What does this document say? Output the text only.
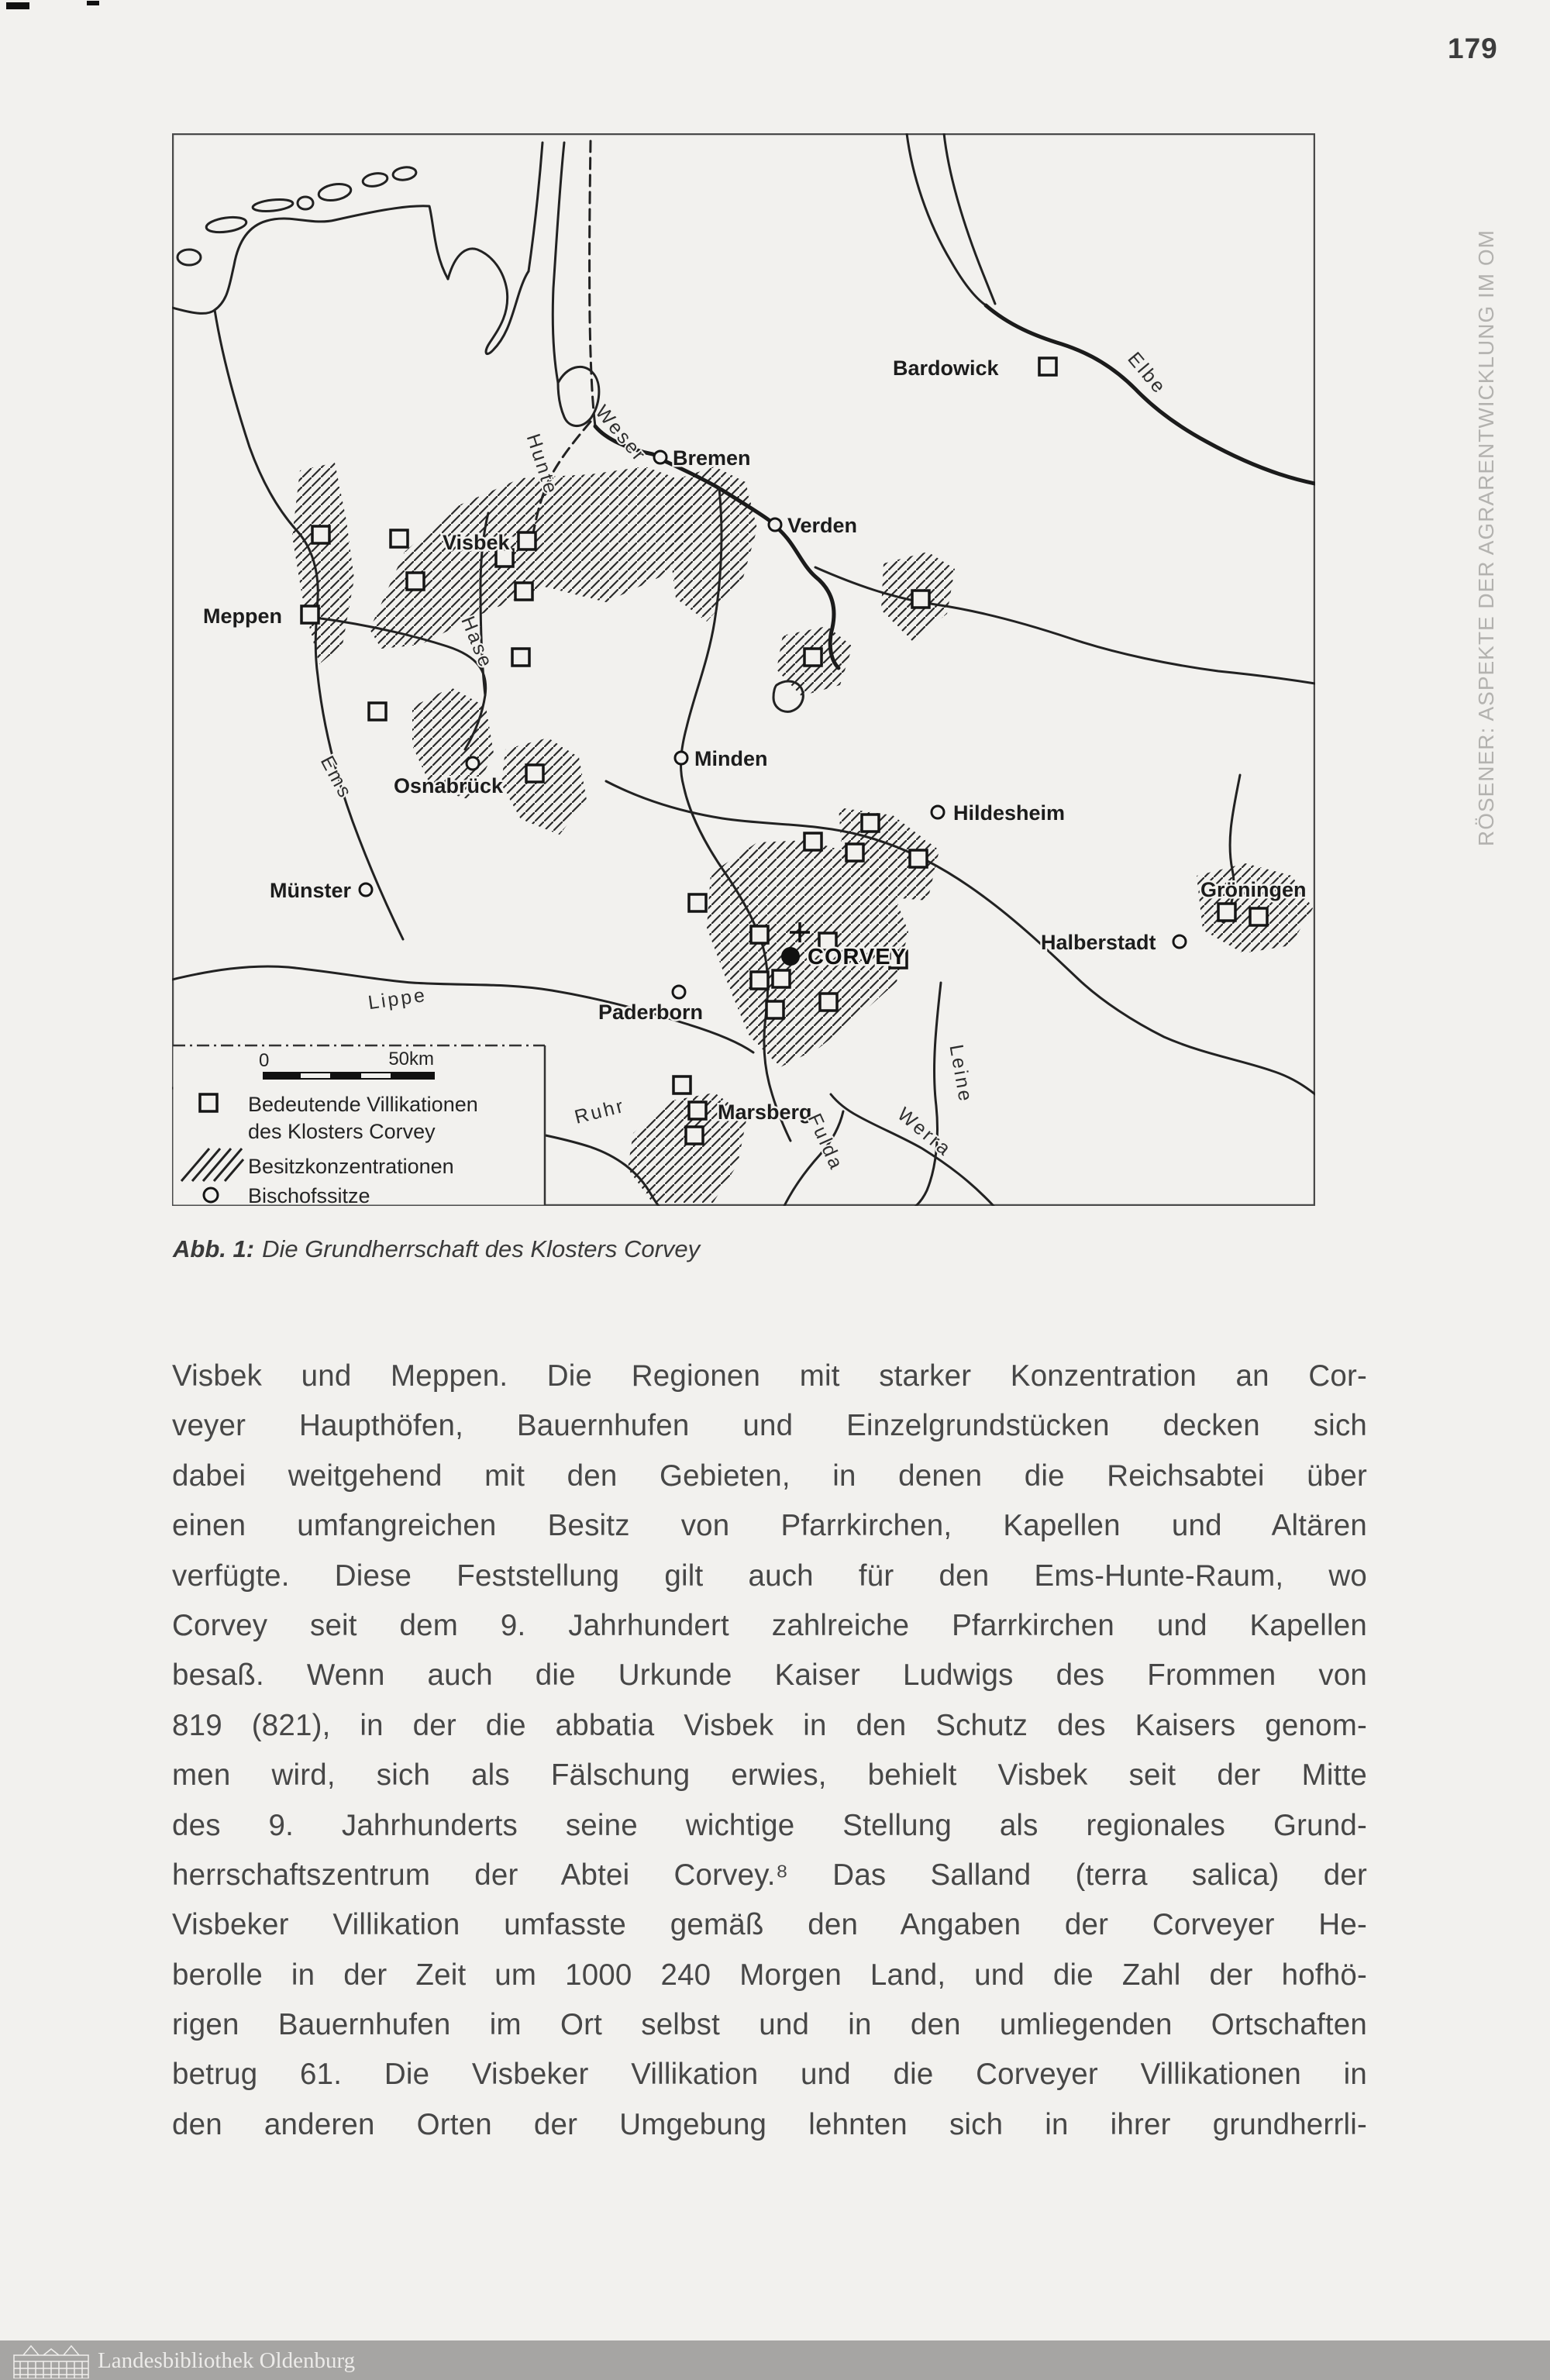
179
RÖSENER: ASPEKTE DER AGRARENTWICKLUNG IM OM
Bardowick
Bremen
Verden
Visbek
Meppen
Osnabrück
Münster
Minden
Hildesheim
Paderborn
CORVEY
Marsberg
Gröningen
Halberstadt
Weser
Hunte
Elbe
Hase
Ems
Lippe
Ruhr
Leine
Werra
Fulda
0	50km
Bedeutende Villikationen
des Klosters Corvey
Besitzkonzentrationen
Bischofssitze
Abb. 1: Die Grundherrschaft des Klosters Corvey
Visbek und Meppen. Die Regionen mit starker Konzentration an Cor-
veyer Haupthöfen, Bauernhufen und Einzelgrundstücken decken sich
dabei weitgehend mit den Gebieten, in denen die Reichsabtei über
einen umfangreichen Besitz von Pfarrkirchen, Kapellen und Altären
verfügte. Diese Feststellung gilt auch für den Ems-Hunte-Raum, wo
Corvey seit dem 9. Jahrhundert zahlreiche Pfarrkirchen und Kapellen
besaß. Wenn auch die Urkunde Kaiser Ludwigs des Frommen von
819 (821), in der die abbatia Visbek in den Schutz des Kaisers genom-
men wird, sich als Fälschung erwies, behielt Visbek seit der Mitte
des 9. Jahrhunderts seine wichtige Stellung als regionales Grund-
herrschaftszentrum der Abtei Corvey.⁸ Das Salland (terra salica) der
Visbeker Villikation umfasste gemäß den Angaben der Corveyer He-
berolle in der Zeit um 1000 240 Morgen Land, und die Zahl der hofhö-
rigen Bauernhufen im Ort selbst und in den umliegenden Ortschaften
betrug 61. Die Visbeker Villikation und die Corveyer Villikationen in
den anderen Orten der Umgebung lehnten sich in ihrer grundherrli-
Landesbibliothek Oldenburg
